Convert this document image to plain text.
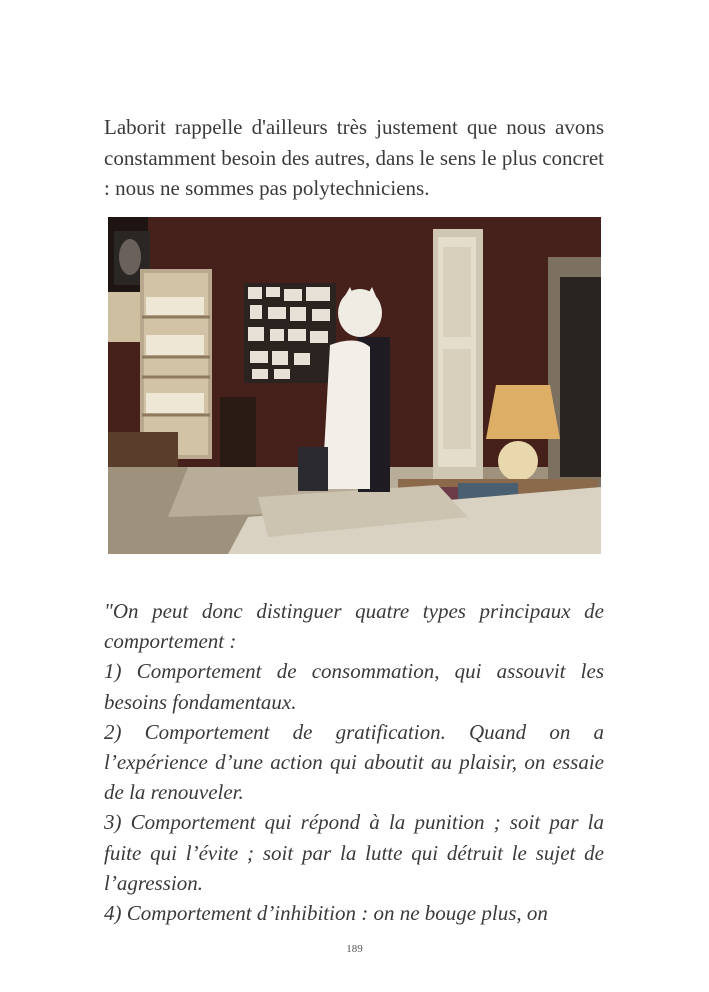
Laborit rappelle d'ailleurs très justement que nous avons constamment besoin des autres, dans le sens le plus concret : nous ne sommes pas polytechniciens.

"On peut donc distinguer quatre types principaux de comportement :
1) Comportement de consommation, qui assouvit les besoins fondamentaux.
2) Comportement de gratification. Quand on a l’expérience d’une action qui aboutit au plaisir, on essaie de la renouveler.
3) Comportement qui répond à la punition ; soit par la fuite qui l’évite ; soit par la lutte qui détruit le sujet de l’agression.
4) Comportement d’inhibition : on ne bouge plus, on
189
